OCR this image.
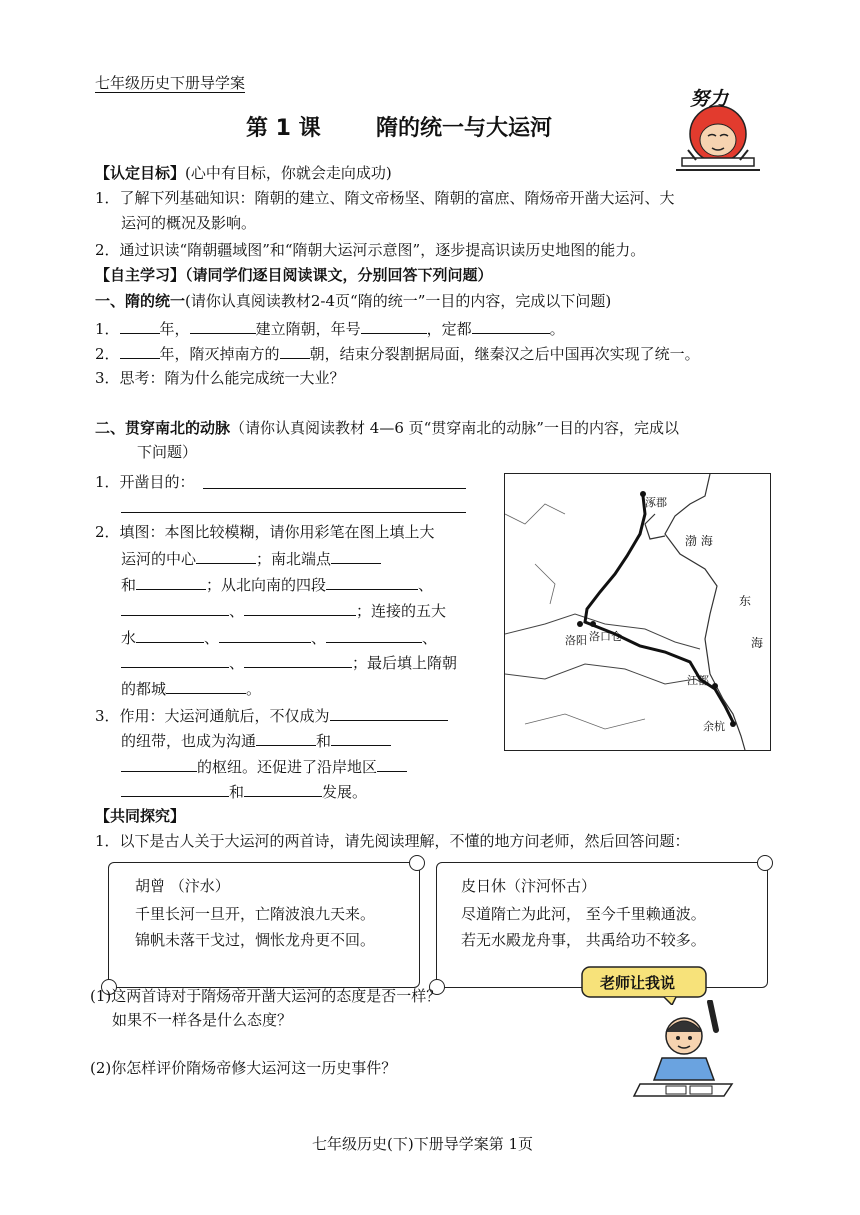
七年级历史下册导学案
第 1 课	隋的统一与大运河
努力
【认定目标】(心中有目标，你就会走向成功)
1．了解下列基础知识：隋朝的建立、隋文帝杨坚、隋朝的富庶、隋炀帝开凿大运河、大
运河的概况及影响。
2．通过识读“隋朝疆域图”和“隋朝大运河示意图”，逐步提高识读历史地图的能力。
【自主学习】（请同学们逐目阅读课文，分别回答下列问题）
一、隋的统一(请你认真阅读教材2-4页“隋的统一”一目的内容，完成以下问题)
1．	年，	建立隋朝，年号	，定都	。
2．	年，隋灭掉南方的 朝，结束分裂割据局面，继秦汉之后中国再次实现了统一。
3．思考：隋为什么能完成统一大业？
二、贯穿南北的动脉（请你认真阅读教材 4—6 页“贯穿南北的动脉”一目的内容，完成以
下问题）
1．开凿目的：
2．填图：本图比较模糊，请你用彩笔在图上填上大
运河的中心	；南北端点
和	；从北向南的四段	、
、	；连接的五大
水	、	、	、
、	；最后填上隋朝
的都城	。
3．作用：大运河通航后，不仅成为
的纽带，也成为沟通	和
的枢纽。还促进了沿岸地区
和	发展。
涿郡
渤 海
东
海
洛阳 洛口仓
江都
余杭
【共同探究】
1．以下是古人关于大运河的两首诗，请先阅读理解，不懂的地方问老师，然后回答问题：
胡曾 （汴水）
千里长河一旦开，亡隋波浪九天来。
锦帆未落干戈过，惆怅龙舟更不回。
皮日休（汴河怀古）
尽道隋亡为此河， 至今千里赖通波。
若无水殿龙舟事， 共禹给功不较多。
(1)这两首诗对于隋炀帝开凿大运河的态度是否一样？
如果不一样各是什么态度？
(2)你怎样评价隋炀帝修大运河这一历史事件？
老师让我说
七年级历史(下)下册导学案第 1页
